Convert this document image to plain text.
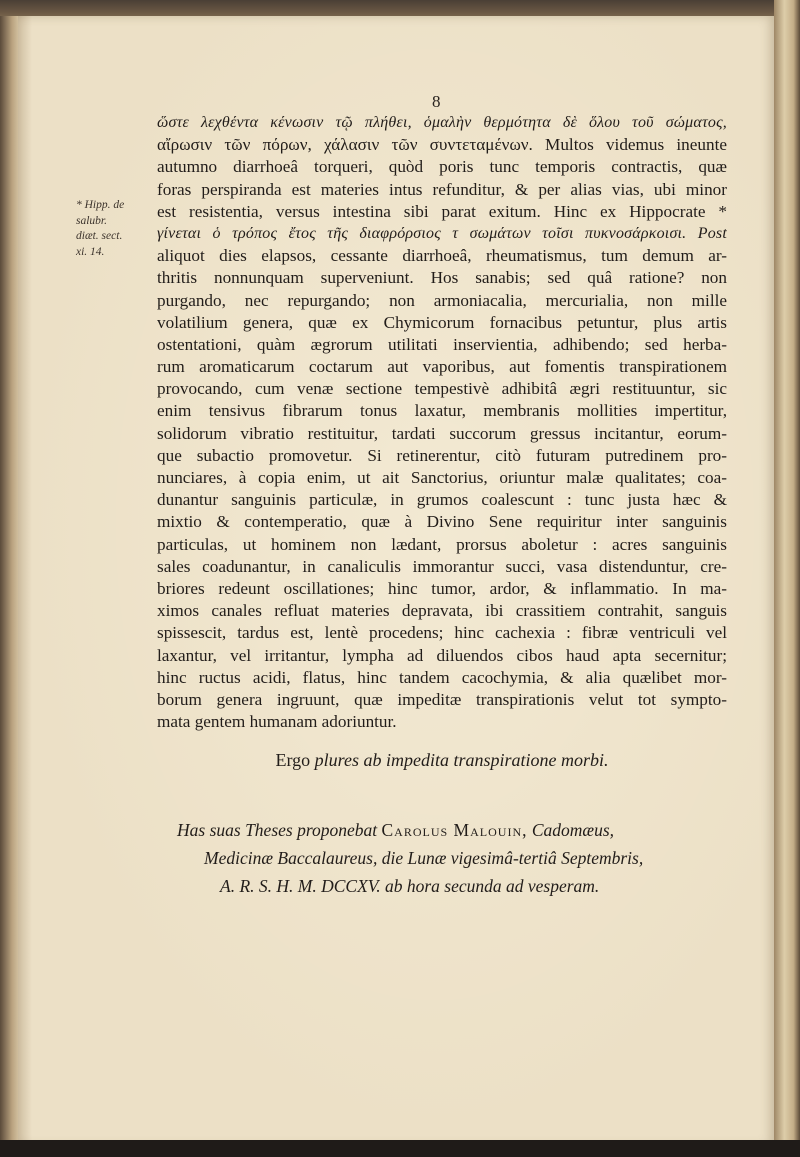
8
* Hipp. de
salubr.
diæt. sect.
xi. 14.
ὥστε λεχθέντα κένωσιν τῷ πλήθει, ὁμαλὴν θερμότητα δὲ ὅλου τοῦ σώματος,
αἴρωσιν τῶν πόρων, χάλασιν τῶν συντεταμένων. Multos videmus ineunte
autumno diarrhoeâ torqueri, quòd poris tunc temporis contractis, quæ
foras perspiranda est materies intus refunditur, & per alias vias, ubi minor
est resistentia, versus intestina sibi parat exitum. Hinc ex Hippocrate *
γίνεται ὁ τρόπος ἔτος τῆς διαφρόρσιος τ σωμάτων τοῖσι πυκνοσάρκοισι. Post
aliquot dies elapsos, cessante diarrhoeâ, rheumatismus, tum demum ar-
thritis nonnunquam superveniunt. Hos sanabis; sed quâ ratione? non
purgando, nec repurgando; non armoniacalia, mercurialia, non mille
volatilium genera, quæ ex Chymicorum fornacibus petuntur, plus artis
ostentationi, quàm ægrorum utilitati inservientia, adhibendo; sed herba-
rum aromaticarum coctarum aut vaporibus, aut fomentis transpirationem
provocando, cum venæ sectione tempestivè adhibitâ ægri restituuntur, sic
enim tensivus fibrarum tonus laxatur, membranis mollities impertitur,
solidorum vibratio restituitur, tardati succorum gressus incitantur, eorum-
que subactio promovetur. Si retinerentur, citò futuram putredinem pro-
nunciares, à copia enim, ut ait Sanctorius, oriuntur malæ qualitates; coa-
dunantur sanguinis particulæ, in grumos coalescunt : tunc justa hæc &
mixtio & contemperatio, quæ à Divino Sene requiritur inter sanguinis
particulas, ut hominem non lædant, prorsus aboletur : acres sanguinis
sales coadunantur, in canaliculis immorantur succi, vasa distenduntur, cre-
briores redeunt oscillationes; hinc tumor, ardor, & inflammatio. In ma-
ximos canales refluat materies depravata, ibi crassitiem contrahit, sanguis
spissescit, tardus est, lentè procedens; hinc cachexia : fibræ ventriculi vel
laxantur, vel irritantur, lympha ad diluendos cibos haud apta secernitur;
hinc ructus acidi, flatus, hinc tandem cacochymia, & alia quælibet mor-
borum genera ingruunt, quæ impeditæ transpirationis velut tot sympto-
mata gentem humanam adoriuntur.
Ergo plures ab impedita transpiratione morbi.
Has suas Theses proponebat Carolus Malouin, Cadomæus,
Medicinæ Baccalaureus, die Lunæ vigesimâ-tertiâ Septembris,
A. R. S. H. M. DCCXV. ab hora secunda ad vesperam.
